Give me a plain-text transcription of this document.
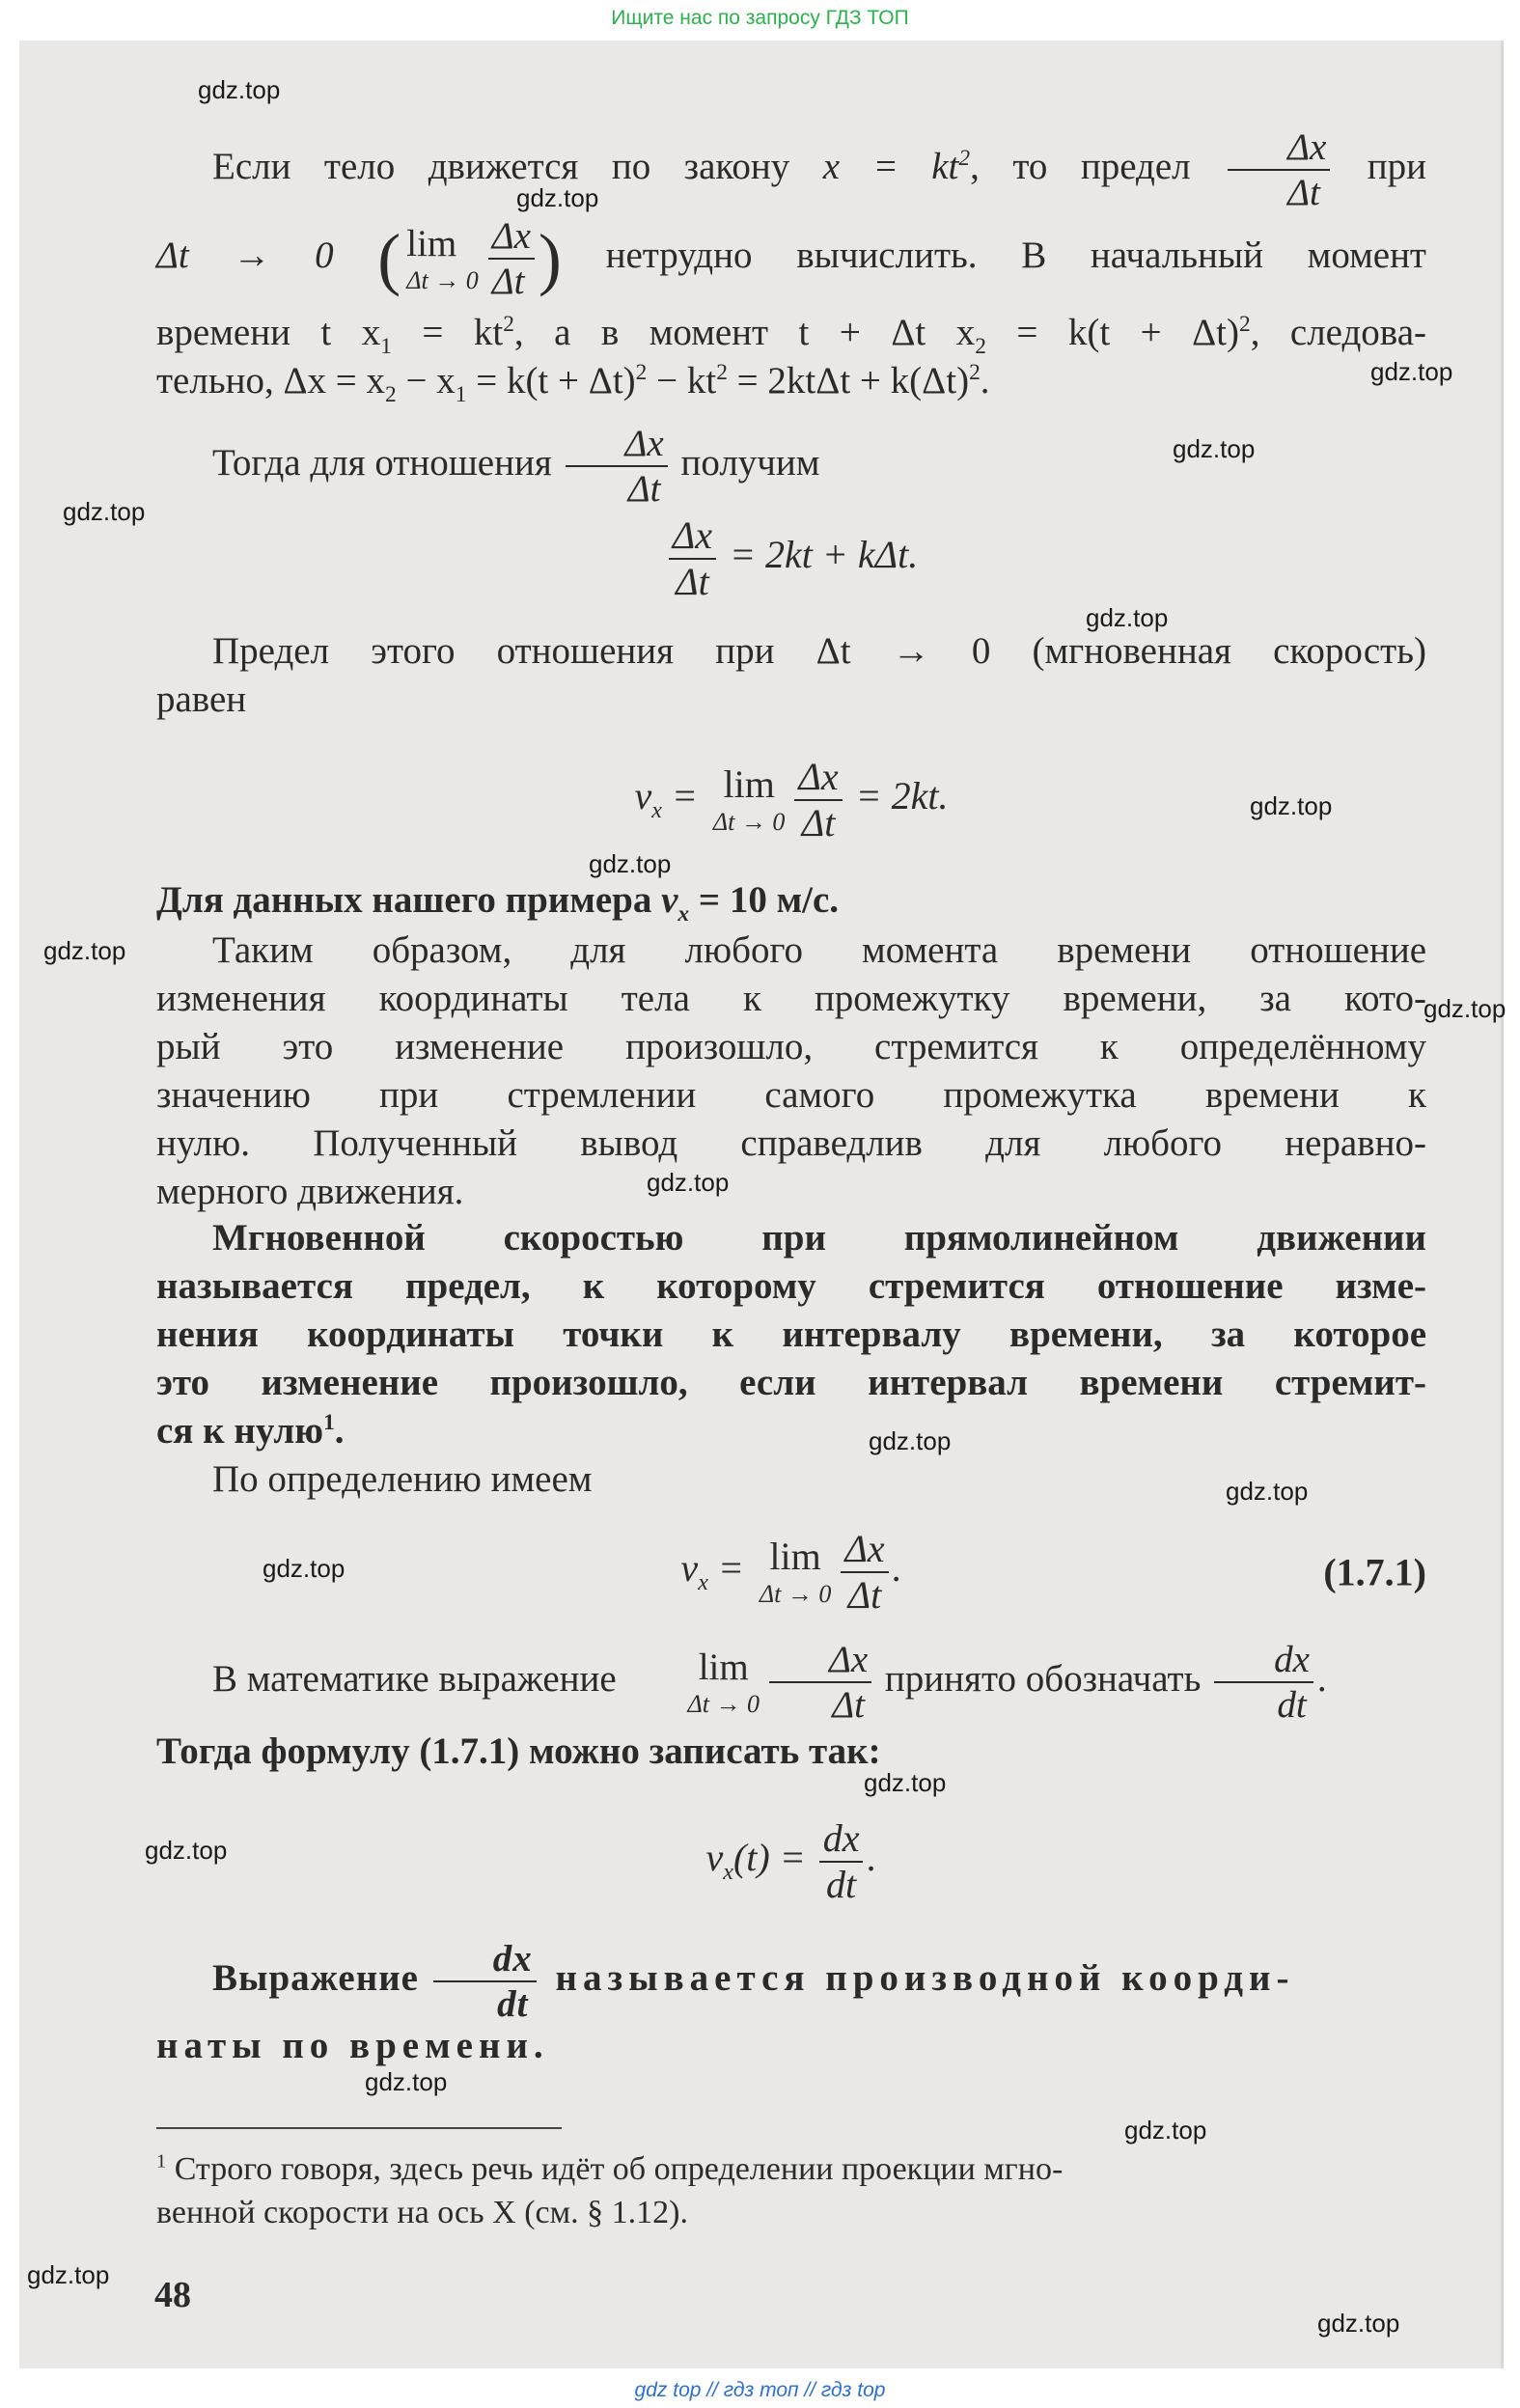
Ищите нас по запросу ГДЗ ТОП
Если тело движется по закону $x = kt^2$, то предел $\frac{\Delta x}{\Delta t}$ при
Δt → 0 ( lim
$\Delta t \to 0 \frac{\Delta x}{\Delta t}$ ) нетрудно вычислить. В начальный момент
времени t $x_1 = kt^2$, а в момент t + Δt $x_2 = k(t + \Delta t)^2$, следова-
тельно, $\Delta x = x_2 - x_1 = k(t + \Delta t)^2 - kt^2 = 2kt\Delta t + k(\Delta t)^2$.
Тогда для отношения $\frac{\Delta x}{\Delta t}$ получим
$\frac{\Delta x}{\Delta t} = 2kt + k\Delta t$.
Предел этого отношения при Δt → 0 (мгновенная скорость)
равен
$v_x = \lim$
$\Delta t \to 0 \frac{\Delta x}{\Delta t} = 2kt$.
Для данных нашего примера $v_x = 10$ м/с.
Таким образом, для любого момента времени отношение
изменения координаты тела к промежутку времени, за кото-
рый это изменение произошло, стремится к определённому
значению при стремлении самого промежутка времени к
нулю. Полученный вывод справедлив для любого неравно-
мерного движения.
Мгновенной скоростью при прямолинейном движении
называется предел, к которому стремится отношение изме-
нения координаты точки к интервалу времени, за которое
это изменение произошло, если интервал времени стремит-
ся к нулю$^1$.
По определению имеем
$v_x = \lim$
$\Delta t \to 0 \frac{\Delta x}{\Delta t}$ .	(1.7.1)
В математике выражение lim
$\Delta t \to 0 \frac{\Delta x}{\Delta t}$ принято обозначать $\frac{dx}{dt}$ .
Тогда формулу (1.7.1) можно записать так:
$v_x(t) = \frac{dx}{dt}$ .
Выражение $\frac{dx}{dt}$ называется производной коорди-
наты по времени.
$^1$ Строго говоря, здесь речь идёт об определении проекции мгно-
венной скорости на ось X (см. § 1.12).
48
gdz.top
gdz.top
gdz.top
gdz.top
gdz.top
gdz.top
gdz.top
gdz.top
gdz.top
gdz.top
gdz.top
gdz.top
gdz.top
gdz.top
gdz.top
gdz.top
gdz.top
gdz.top
gdz.top
gdz.top
gdz top // гдз топ // гдз top
